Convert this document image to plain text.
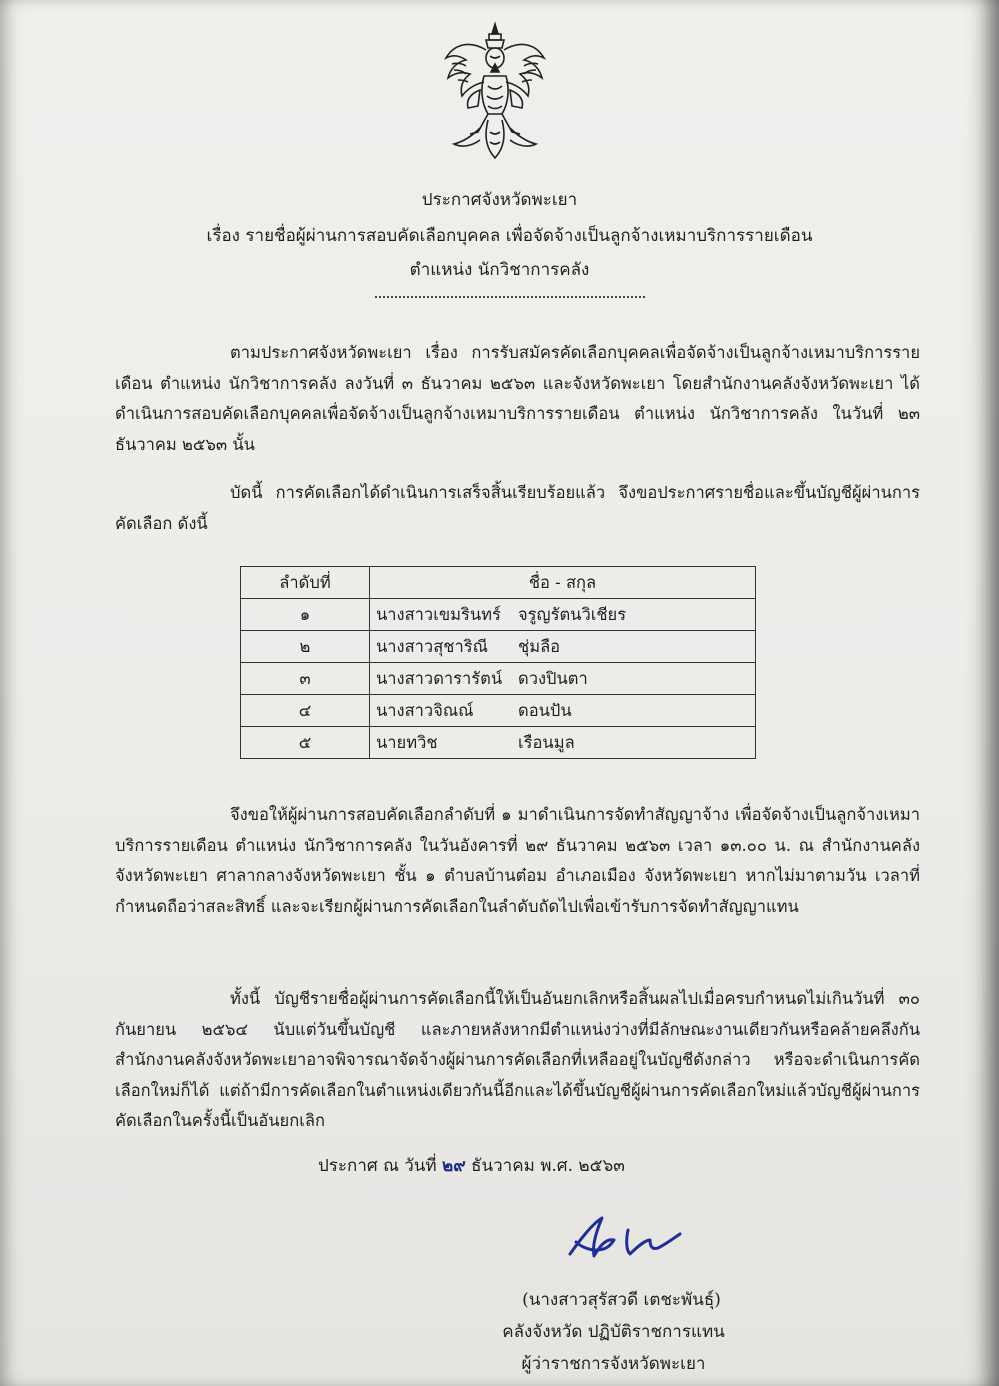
ประกาศจังหวัดพะเยา
เรื่อง รายชื่อผู้ผ่านการสอบคัดเลือกบุคคล เพื่อจัดจ้างเป็นลูกจ้างเหมาบริการรายเดือน
ตำแหน่ง นักวิชาการคลัง

ตามประกาศจังหวัดพะเยา เรื่อง การรับสมัครคัดเลือกบุคคลเพื่อจัดจ้างเป็นลูกจ้างเหมาบริการรายเดือน ตำแหน่ง นักวิชาการคลัง ลงวันที่ ๓ ธันวาคม ๒๕๖๓ และจังหวัดพะเยา โดยสำนักงานคลังจังหวัดพะเยา ได้ดำเนินการสอบคัดเลือกบุคคลเพื่อจัดจ้างเป็นลูกจ้างเหมาบริการรายเดือน ตำแหน่ง นักวิชาการคลัง ในวันที่ ๒๓ ธันวาคม ๒๕๖๓ นั้น

บัดนี้ การคัดเลือกได้ดำเนินการเสร็จสิ้นเรียบร้อยแล้ว จึงขอประกาศรายชื่อและขึ้นบัญชีผู้ผ่านการคัดเลือก ดังนี้

ลำดับที่	ชื่อ - สกุล
๑	นางสาวเขมรินทร์ จรูญรัตนวิเชียร
๒	นางสาวสุชาริณี ชุ่มลือ
๓	นางสาวดารารัตน์ ดวงปินตา
๔	นางสาวจิณณ์ ดอนปัน
๕	นายทวิช เรือนมูล

จึงขอให้ผู้ผ่านการสอบคัดเลือกลำดับที่ ๑ มาดำเนินการจัดทำสัญญาจ้าง เพื่อจัดจ้างเป็นลูกจ้างเหมาบริการรายเดือน ตำแหน่ง นักวิชาการคลัง ในวันอังคารที่ ๒๙ ธันวาคม ๒๕๖๓ เวลา ๑๓.๐๐ น. ณ สำนักงานคลังจังหวัดพะเยา ศาลากลางจังหวัดพะเยา ชั้น ๑ ตำบลบ้านต๋อม อำเภอเมือง จังหวัดพะเยา หากไม่มาตามวัน เวลาที่กำหนดถือว่าสละสิทธิ์ และจะเรียกผู้ผ่านการคัดเลือกในลำดับถัดไปเพื่อเข้ารับการจัดทำสัญญาแทน

ทั้งนี้ บัญชีรายชื่อผู้ผ่านการคัดเลือกนี้ให้เป็นอันยกเลิกหรือสิ้นผลไปเมื่อครบกำหนดไม่เกินวันที่ ๓๐ กันยายน ๒๕๖๔ นับแต่วันขึ้นบัญชี และภายหลังหากมีตำแหน่งว่างที่มีลักษณะงานเดียวกันหรือคล้ายคลึงกัน สำนักงานคลังจังหวัดพะเยาอาจพิจารณาจัดจ้างผู้ผ่านการคัดเลือกที่เหลืออยู่ในบัญชีดังกล่าว หรือจะดำเนินการคัดเลือกใหม่ก็ได้ แต่ถ้ามีการคัดเลือกในตำแหน่งเดียวกันนี้อีกและได้ขึ้นบัญชีผู้ผ่านการคัดเลือกใหม่แล้วบัญชีผู้ผ่านการคัดเลือกในครั้งนี้เป็นอันยกเลิก

ประกาศ ณ วันที่ ๒๙ ธันวาคม พ.ศ. ๒๕๖๓
(นางสาวสุรัสวดี เตชะพันธุ์)
คลังจังหวัด ปฏิบัติราชการแทน
ผู้ว่าราชการจังหวัดพะเยา
